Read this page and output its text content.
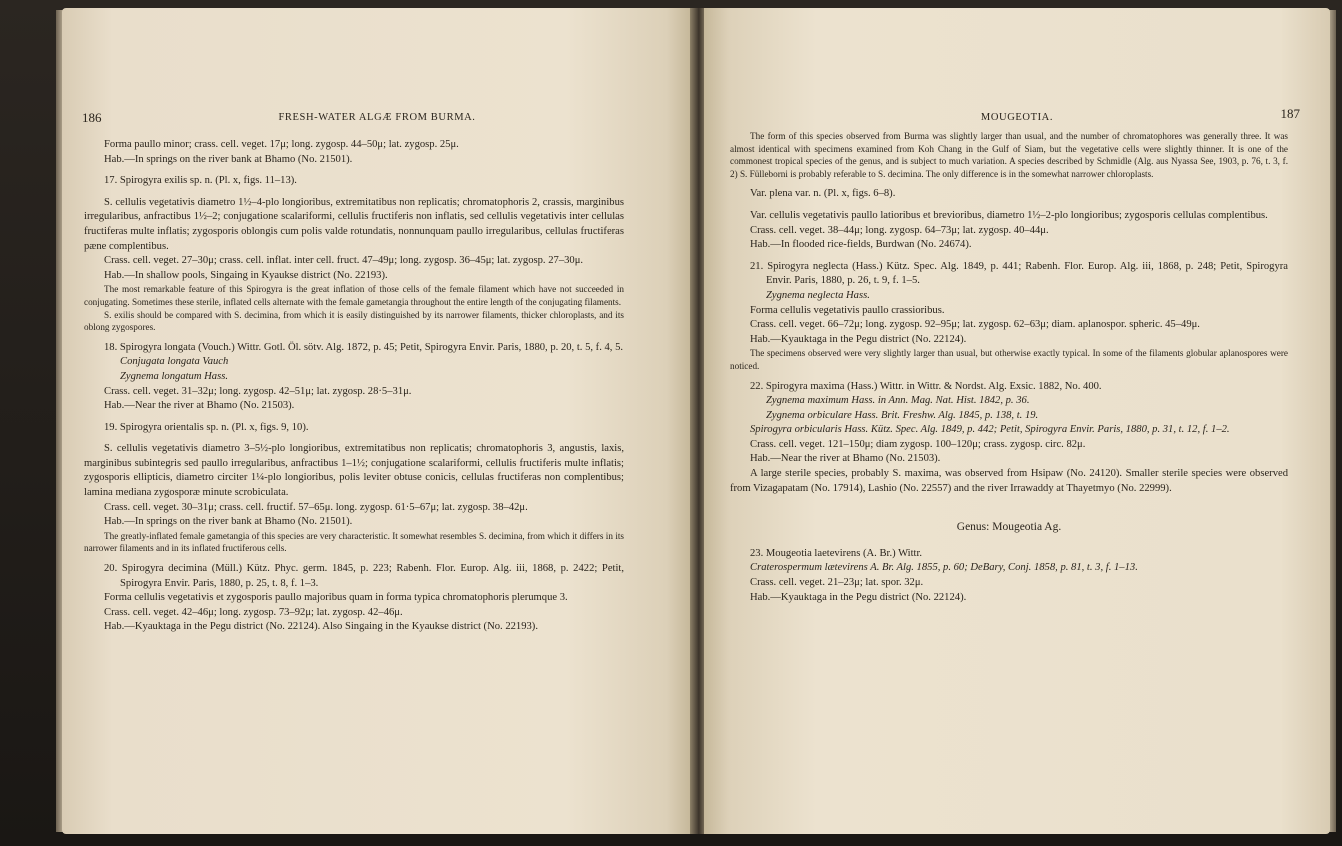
186	FRESH-WATER ALGÆ FROM BURMA.

Forma paullo minor; crass. cell. veget. 17μ; long. zygosp. 44–50μ; lat. zygosp. 25μ.

Hab.—In springs on the river bank at Bhamo (No. 21501).

17. Spirogyra exilis sp. n. (Pl. x, figs. 11–13).

S. cellulis vegetativis diametro 1½–4-plo longioribus, extremitatibus non replicatis; chromatophoris 2, crassis, marginibus irregularibus, anfractibus 1½–2; conjugatione scalariformi, cellulis fructiferis non inflatis, sed cellulis vegetativis inter cellulas fructiferas multe inflatis; zygosporis oblongis cum polis valde rotundatis, nonnunquam paullo irregularibus, cellulas fructiferas pæne complentibus.

Crass. cell. veget. 27–30μ; crass. cell. inflat. inter cell. fruct. 47–49μ; long. zygosp. 36–45μ; lat. zygosp. 27–30μ.

Hab.—In shallow pools, Singaing in Kyaukse district (No. 22193).

The most remarkable feature of this Spirogyra is the great inflation of those cells of the female filament which have not succeeded in conjugating. Sometimes these sterile, inflated cells alternate with the female gametangia throughout the entire length of the conjugating filaments.

S. exilis should be compared with S. decimina, from which it is easily distinguished by its narrower filaments, thicker chloroplasts, and its oblong zygospores.

18. Spirogyra longata (Vouch.) Wittr. Gotl. Öl. sötv. Alg. 1872, p. 45; Petit, Spirogyra Envir. Paris, 1880, p. 20, t. 5, f. 4, 5.

Conjugata longata Vauch

Zygnema longatum Hass.

Crass. cell. veget. 31–32μ; long. zygosp. 42–51μ; lat. zygosp. 28·5–31μ.

Hab.—Near the river at Bhamo (No. 21503).

19. Spirogyra orientalis sp. n. (Pl. x, figs. 9, 10).

S. cellulis vegetativis diametro 3–5½-plo longioribus, extremitatibus non replicatis; chromatophoris 3, angustis, laxis, marginibus subintegris sed paullo irregularibus, anfractibus 1–1½; conjugatione scalariformi, cellulis fructiferis multe inflatis; zygosporis ellipticis, diametro circiter 1¼-plo longioribus, polis leviter obtuse conicis, cellulas fructiferas non complentibus; lamina mediana zygosporæ minute scrobiculata.

Crass. cell. veget. 30–31μ; crass. cell. fructif. 57–65μ. long. zygosp. 61·5–67μ; lat. zygosp. 38–42μ.

Hab.—In springs on the river bank at Bhamo (No. 21501).

The greatly-inflated female gametangia of this species are very characteristic. It somewhat resembles S. decimina, from which it differs in its narrower filaments and in its inflated fructiferous cells.

20. Spirogyra decimina (Müll.) Kütz. Phyc. germ. 1845, p. 223; Rabenh. Flor. Europ. Alg. iii, 1868, p. 2422; Petit, Spirogyra Envir. Paris, 1880, p. 25, t. 8, f. 1–3.

Forma cellulis vegetativis et zygosporis paullo majoribus quam in forma typica chromatophoris plerumque 3.

Crass. cell. veget. 42–46μ; long. zygosp. 73–92μ; lat. zygosp. 42–46μ.

Hab.—Kyauktaga in the Pegu district (No. 22124). Also Singaing in the Kyaukse district (No. 22193).

MOUGEOTIA.	187

The form of this species observed from Burma was slightly larger than usual, and the number of chromatophores was generally three. It was almost identical with specimens examined from Koh Chang in the Gulf of Siam, but the vegetative cells were slightly thinner. It is one of the commonest tropical species of the genus, and is subject to much variation. A species described by Schmidle (Alg. aus Nyassa See, 1903, p. 76, t. 3, f. 2) S. Fülleborni is probably referable to S. decimina. The only difference is in the somewhat narrower chloroplasts.

Var. plena var. n. (Pl. x, figs. 6–8).

Var. cellulis vegetativis paullo latioribus et brevioribus, diametro 1½–2-plo longioribus; zygosporis cellulas complentibus.

Crass. cell. veget. 38–44μ; long. zygosp. 64–73μ; lat. zygosp. 40–44μ.

Hab.—In flooded rice-fields, Burdwan (No. 24674).

21. Spirogyra neglecta (Hass.) Kütz. Spec. Alg. 1849, p. 441; Rabenh. Flor. Europ. Alg. iii, 1868, p. 248; Petit, Spirogyra Envir. Paris, 1880, p. 26, t. 9, f. 1–5.

Zygnema neglecta Hass.

Forma cellulis vegetativis paullo crassioribus.

Crass. cell. veget. 66–72μ; long. zygosp. 92–95μ; lat. zygosp. 62–63μ; diam. aplanospor. spheric. 45–49μ.

Hab.—Kyauktaga in the Pegu district (No. 22124).

The specimens observed were very slightly larger than usual, but otherwise exactly typical. In some of the filaments globular aplanospores were noticed.

22. Spirogyra maxima (Hass.) Wittr. in Wittr. & Nordst. Alg. Exsic. 1882, No. 400.

Zygnema maximum Hass. in Ann. Mag. Nat. Hist. 1842, p. 36.

Zygnema orbiculare Hass. Brit. Freshw. Alg. 1845, p. 138, t. 19.

Spirogyra orbicularis Hass. Kütz. Spec. Alg. 1849, p. 442; Petit, Spirogyra Envir. Paris, 1880, p. 31, t. 12, f. 1–2.

Crass. cell. veget. 121–150μ; diam zygosp. 100–120μ; crass. zygosp. circ. 82μ.

Hab.—Near the river at Bhamo (No. 21503).

A large sterile species, probably S. maxima, was observed from Hsipaw (No. 24120). Smaller sterile species were observed from Vizagapatam (No. 17914), Lashio (No. 22557) and the river Irrawaddy at Thayetmyo (No. 22999).

Genus: Mougeotia Ag.

23. Mougeotia laetevirens (A. Br.) Wittr.

Craterospermum lætevirens A. Br. Alg. 1855, p. 60; DeBary, Conj. 1858, p. 81, t. 3, f. 1–13.

Crass. cell. veget. 21–23μ; lat. spor. 32μ.

Hab.—Kyauktaga in the Pegu district (No. 22124).
